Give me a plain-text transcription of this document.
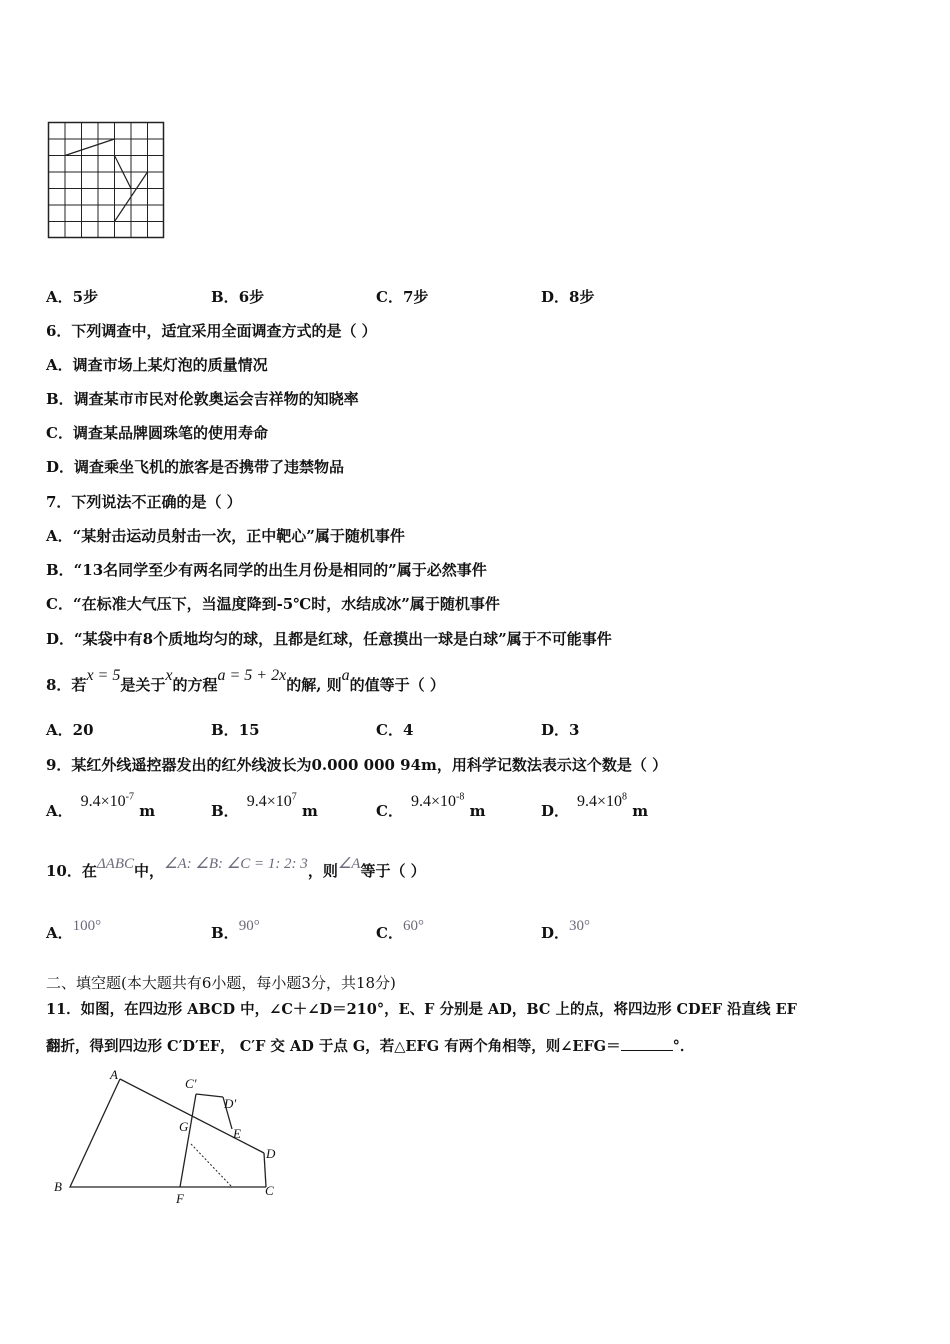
A．5步	B．6步	C．7步	D．8步
6．下列调查中，适宜采用全面调查方式的是（ ）
A．调查市场上某灯泡的质量情况
B．调查某市市民对伦敦奥运会吉祥物的知晓率
C．调查某品牌圆珠笔的使用寿命
D．调查乘坐飞机的旅客是否携带了违禁物品
7．下列说法不正确的是（ ）
A．“某射击运动员射击一次，正中靶心”属于随机事件
B．“13名同学至少有两名同学的出生月份是相同的”属于必然事件
C．“在标准大气压下，当温度降到-5℃时，水结成冰”属于随机事件
D．“某袋中有8个质地均匀的球，且都是红球，任意摸出一球是白球”属于不可能事件
8．若x = 5是关于x的方程a = 5 + 2x的解, 则a的值等于（ ）
A．20	B．15	C．4	D．3
9．某红外线遥控器发出的红外线波长为0.000 000 94m，用科学记数法表示这个数是（ ）
A．$9.4\times 10^{-7}$ m	B．$9.4\times 10^7$ m	C．$9.4\times 10^{-8}$ m	D．$9.4\times 10^8$ m
10．在ΔABC中，∠A: ∠B: ∠C = 1: 2: 3，则∠A等于（ ）
A．100°	B．90°	C．60°	D．30°
二、填空题(本大题共有6小题，每小题3分，共18分)
11．如图，在四边形 ABCD 中，∠C＋∠D＝210°，E、F 分别是 AD，BC 上的点，将四边形 CDEF 沿直线 EF
翻折，得到四边形 C′D′EF， C′F 交 AD 于点 G，若△EFG 有两个角相等，则∠EFG＝	°．
A
B	C
D
E
F
G
C′
D′
